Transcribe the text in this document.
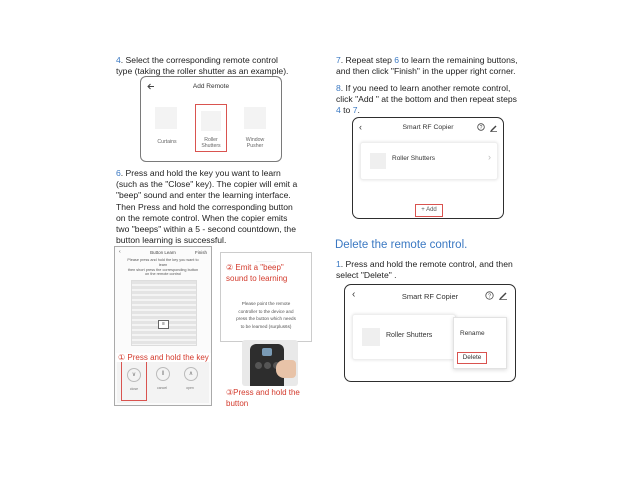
4. Select the corresponding remote control
type (taking the roller shutter as an example).
Add Remote
Curtains	Roller
Shutters
Window
Pusher
6. Press and hold the key you want to learn
(such as the "Close" key). The copier will emit a
"beep" sound and enter the learning interface.
Then Press and hold the corresponding button
on the remote control. When the copier emits
two "beeps" within a 5 - second countdown, the
button learning is successful.
‹	Button Learn	Finish
Please press and hold the key you want to
learn
then short press the corresponding button
on the remote control
≡
∨
close
‖
cancel
∧
open
① Press and hold the key
Please point the remote
controller to the device and
press the button which needs
to be learned (surplus6s)
② Emit a "beep"
sound to learning
③Press and hold the
button
7. Repeat step 6 to learn the remaining buttons,
and then click "Finish" in the upper right corner.
8. If you need to learn another remote control,
click "Add " at the bottom and then repeat steps
4 to 7.
‹	Smart RF Copier	?
Roller Shutters	›
+ Add
Delete the remote control.
1. Press and hold the remote control, and then
select "Delete" .
‹	Smart RF Copier	?
Roller Shutters	Rename
Delete
